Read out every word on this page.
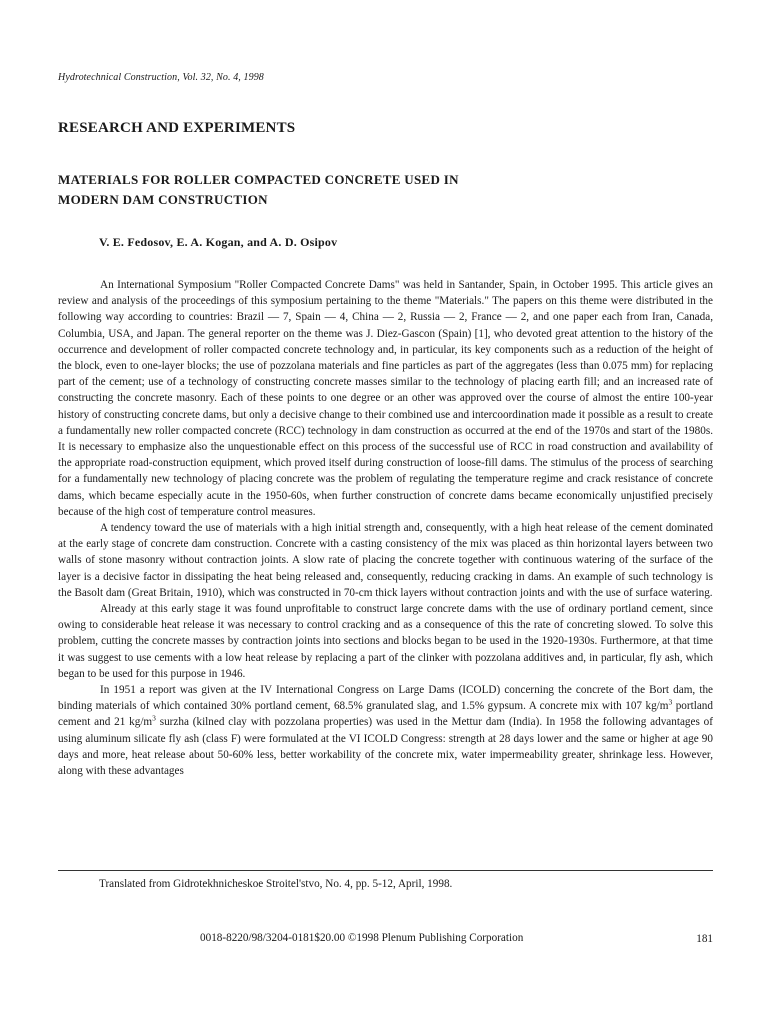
Hydrotechnical Construction, Vol. 32, No. 4, 1998
RESEARCH AND EXPERIMENTS
MATERIALS FOR ROLLER COMPACTED CONCRETE USED IN
MODERN DAM CONSTRUCTION
V. E. Fedosov, E. A. Kogan, and A. D. Osipov

An International Symposium "Roller Compacted Concrete Dams" was held in Santander, Spain, in October 1995. This article gives an review and analysis of the proceedings of this symposium pertaining to the theme "Materials." The papers on this theme were distributed in the following way according to countries: Brazil — 7, Spain — 4, China — 2, Russia — 2, France — 2, and one paper each from Iran, Canada, Columbia, USA, and Japan. The general reporter on the theme was J. Diez-Gascon (Spain) [1], who devoted great attention to the history of the occurrence and development of roller compacted concrete technology and, in particular, its key components such as a reduction of the height of the block, even to one-layer blocks; the use of pozzolana materials and fine particles as part of the aggregates (less than 0.075 mm) for replacing part of the cement; use of a technology of constructing concrete masses similar to the technology of placing earth fill; and an increased rate of constructing the concrete masonry. Each of these points to one degree or an other was approved over the course of almost the entire 100-year history of constructing concrete dams, but only a decisive change to their combined use and intercoordination made it possible as a result to create a fundamentally new roller compacted concrete (RCC) technology in dam construction as occurred at the end of the 1970s and start of the 1980s. It is necessary to emphasize also the unquestionable effect on this process of the successful use of RCC in road construction and availability of the appropriate road-construction equipment, which proved itself during construction of loose-fill dams. The stimulus of the process of searching for a fundamentally new technology of placing concrete was the problem of regulating the temperature regime and crack resistance of concrete dams, which became especially acute in the 1950-60s, when further construction of concrete dams became economically unjustified precisely because of the high cost of temperature control measures.

A tendency toward the use of materials with a high initial strength and, consequently, with a high heat release of the cement dominated at the early stage of concrete dam construction. Concrete with a casting consistency of the mix was placed as thin horizontal layers between two walls of stone masonry without contraction joints. A slow rate of placing the concrete together with continuous watering of the surface of the layer is a decisive factor in dissipating the heat being released and, consequently, reducing cracking in dams. An example of such technology is the Basolt dam (Great Britain, 1910), which was constructed in 70-cm thick layers without contraction joints and with the use of surface watering.

Already at this early stage it was found unprofitable to construct large concrete dams with the use of ordinary portland cement, since owing to considerable heat release it was necessary to control cracking and as a consequence of this the rate of concreting slowed. To solve this problem, cutting the concrete masses by contraction joints into sections and blocks began to be used in the 1920-1930s. Furthermore, at that time it was suggest to use cements with a low heat release by replacing a part of the clinker with pozzolana additives and, in particular, fly ash, which began to be used for this purpose in 1946.

In 1951 a report was given at the IV International Congress on Large Dams (ICOLD) concerning the concrete of the Bort dam, the binding materials of which contained 30% portland cement, 68.5% granulated slag, and 1.5% gypsum. A concrete mix with 107 $kg/m^3$ portland cement and 21 $kg/m^3$ surzha (kilned clay with pozzolana properties) was used in the Mettur dam (India). In 1958 the following advantages of using aluminum silicate fly ash (class F) were formulated at the VI ICOLD Congress: strength at 28 days lower and the same or higher at age 90 days and more, heat release about 50-60% less, better workability of the concrete mix, water impermeability greater, shrinkage less. However, along with these advantages

Translated from Gidrotekhnicheskoe Stroitel'stvo, No. 4, pp. 5-12, April, 1998.
0018-8220/98/3204-0181$20.00 ©1998 Plenum Publishing Corporation	181
